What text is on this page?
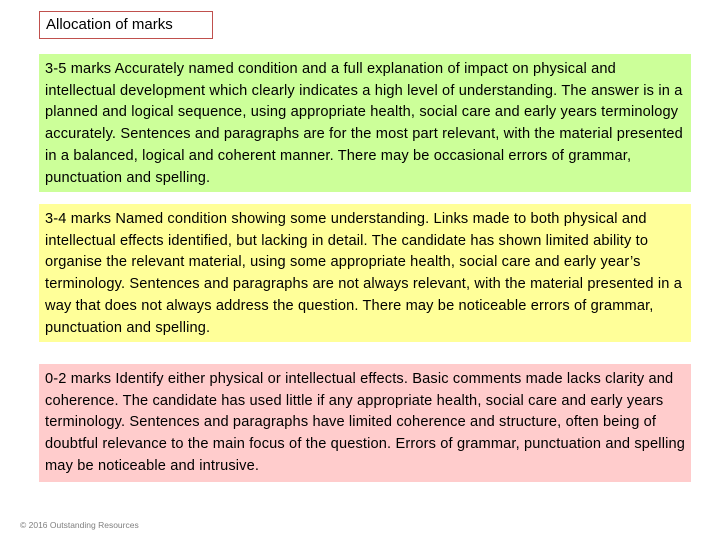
Allocation of marks
3-5 marks Accurately named condition and a full explanation of impact on physical and intellectual development which clearly indicates a high level of understanding. The answer is in a planned and logical sequence, using appropriate health, social care and early years terminology accurately. Sentences and paragraphs are for the most part relevant, with the material presented in a balanced, logical and coherent manner. There may be occasional errors of grammar, punctuation and spelling.
3-4 marks Named condition showing some understanding. Links made to both physical and intellectual effects identified, but lacking in detail. The candidate has shown limited ability to organise the relevant material, using some appropriate health, social care and early year’s terminology. Sentences and paragraphs are not always relevant, with the material presented in a way that does not always address the question. There may be noticeable errors of grammar, punctuation and spelling.
0-2 marks Identify either physical or intellectual effects. Basic comments made lacks clarity and coherence. The candidate has used little if any appropriate health, social care and early years terminology. Sentences and paragraphs have limited coherence and structure, often being of doubtful relevance to the main focus of the question. Errors of grammar, punctuation and spelling may be noticeable and intrusive.
© 2016 Outstanding Resources
